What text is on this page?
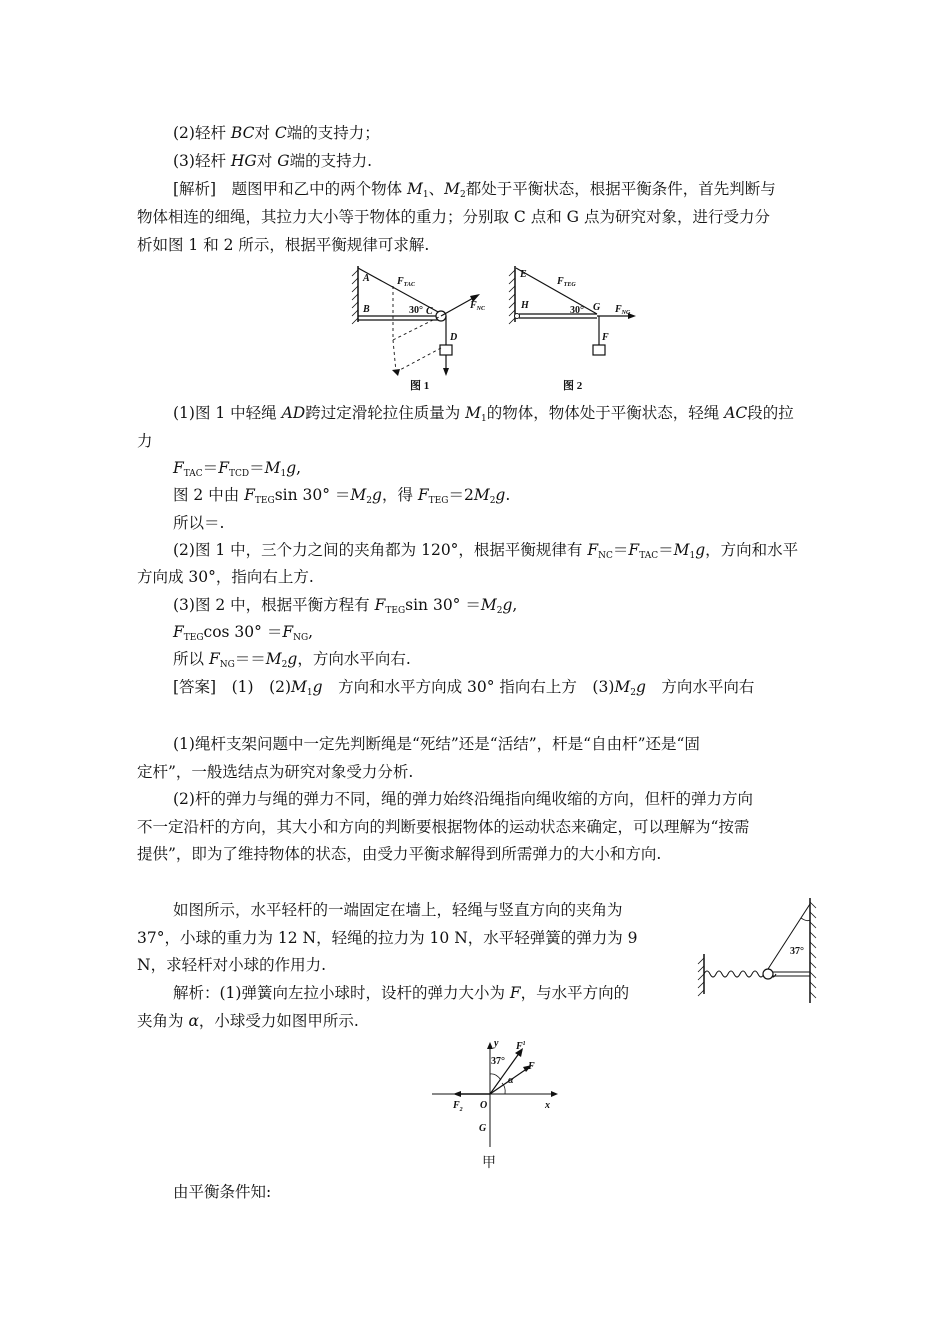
(2)轻杆 BC对 C端的支持力；
(3)轻杆 HG对 G端的支持力.
[解析]　题图甲和乙中的两个物体 $M_1$、$M_2$都处于平衡状态，根据平衡条件，首先判断与
物体相连的细绳，其拉力大小等于物体的重力；分别取 C 点和 G 点为研究对象，进行受力分
析如图 1 和 2 所示，根据平衡规律可求解.
A
B	C
D
30°
$F_{TAC}$
$F_{NC}$
图 1
E
H	G
30°
F
$F_{TEG}$
$F_{NG}$
图 2
(1)图 1 中轻绳 AD跨过定滑轮拉住质量为 $M_1$的物体，物体处于平衡状态，轻绳 AC段的拉
力
$F_{TAC}=F_{TCD}=M_1g$,
图 2 中由 $F_{TEG}\sin$ $30^\circ =M_2g$，得 $F_{TEG}=2M_2g$.
所以＝.
(2)图 1 中，三个力之间的夹角都为 120°，根据平衡规律有 $F_{NC}=F_{TAC}=M_1g$，方向和水平
方向成 30°，指向右上方.
(3)图 2 中，根据平衡方程有 $F_{TEG}\sin$ $30^\circ =M_2g$,
$F_{TEG}\cos$ $30^\circ =F_{NG}$,
所以 $F_{NG}==M_2g$，方向水平向右.
[答案]　(1)　$(2)M_1g$　方向和水平方向成 30° 指向右上方　$(3)M_2g$　方向水平向右
(1)绳杆支架问题中一定先判断绳是“死结”还是“活结”，杆是“自由杆”还是“固
定杆”，一般选结点为研究对象受力分析.
(2)杆的弹力与绳的弹力不同，绳的弹力始终沿绳指向绳收缩的方向，但杆的弹力方向
不一定沿杆的方向，其大小和方向的判断要根据物体的运动状态来确定，可以理解为“按需
提供”，即为了维持物体的状态，由受力平衡求解得到所需弹力的大小和方向.
如图所示，水平轻杆的一端固定在墙上，轻绳与竖直方向的夹角为
37°，小球的重力为 12 N，轻绳的拉力为 10 N，水平轻弹簧的弹力为 9
N，求轻杆对小球的作用力.
解析：(1)弹簧向左拉小球时，设杆的弹力大小为 F，与水平方向的
夹角为 α，小球受力如图甲所示.
37°
y
x
O
37°
α
$F^1$
F
$F_2$
G
甲
由平衡条件知:
